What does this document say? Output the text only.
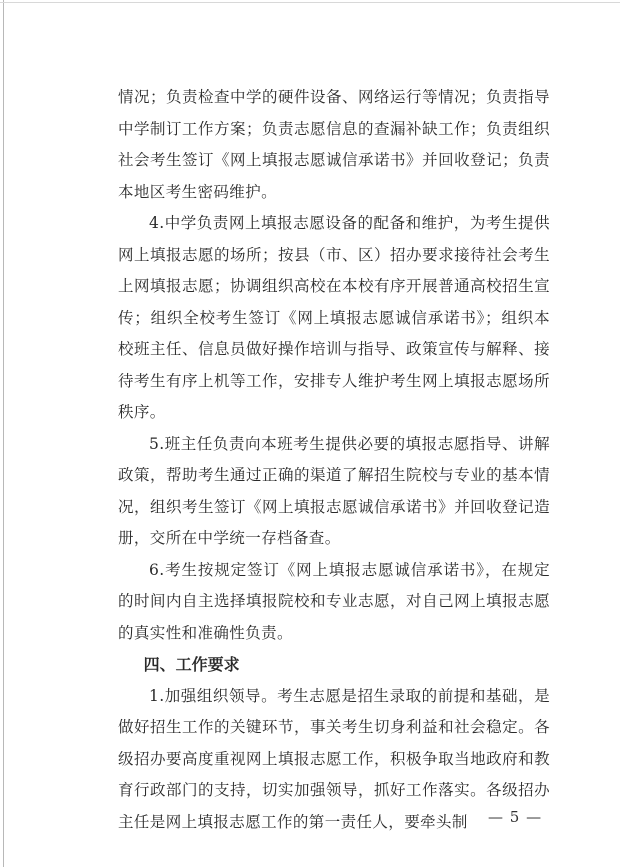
情况；负责检查中学的硬件设备、网络运行等情况；负责指导中学制订工作方案；负责志愿信息的查漏补缺工作；负责组织社会考生签订《网上填报志愿诚信承诺书》并回收登记；负责本地区考生密码维护。

4.中学负责网上填报志愿设备的配备和维护，为考生提供网上填报志愿的场所；按县（市、区）招办要求接待社会考生上网填报志愿；协调组织高校在本校有序开展普通高校招生宣传；组织全校考生签订《网上填报志愿诚信承诺书》；组织本校班主任、信息员做好操作培训与指导、政策宣传与解释、接待考生有序上机等工作，安排专人维护考生网上填报志愿场所秩序。

5.班主任负责向本班考生提供必要的填报志愿指导、讲解政策，帮助考生通过正确的渠道了解招生院校与专业的基本情况，组织考生签订《网上填报志愿诚信承诺书》并回收登记造册，交所在中学统一存档备查。

6.考生按规定签订《网上填报志愿诚信承诺书》，在规定的时间内自主选择填报院校和专业志愿，对自己网上填报志愿的真实性和准确性负责。

四、工作要求

1.加强组织领导。考生志愿是招生录取的前提和基础，是做好招生工作的关键环节，事关考生切身利益和社会稳定。各级招办要高度重视网上填报志愿工作，积极争取当地政府和教育行政部门的支持，切实加强领导，抓好工作落实。各级招办主任是网上填报志愿工作的第一责任人，要牵头制	— 5 —
